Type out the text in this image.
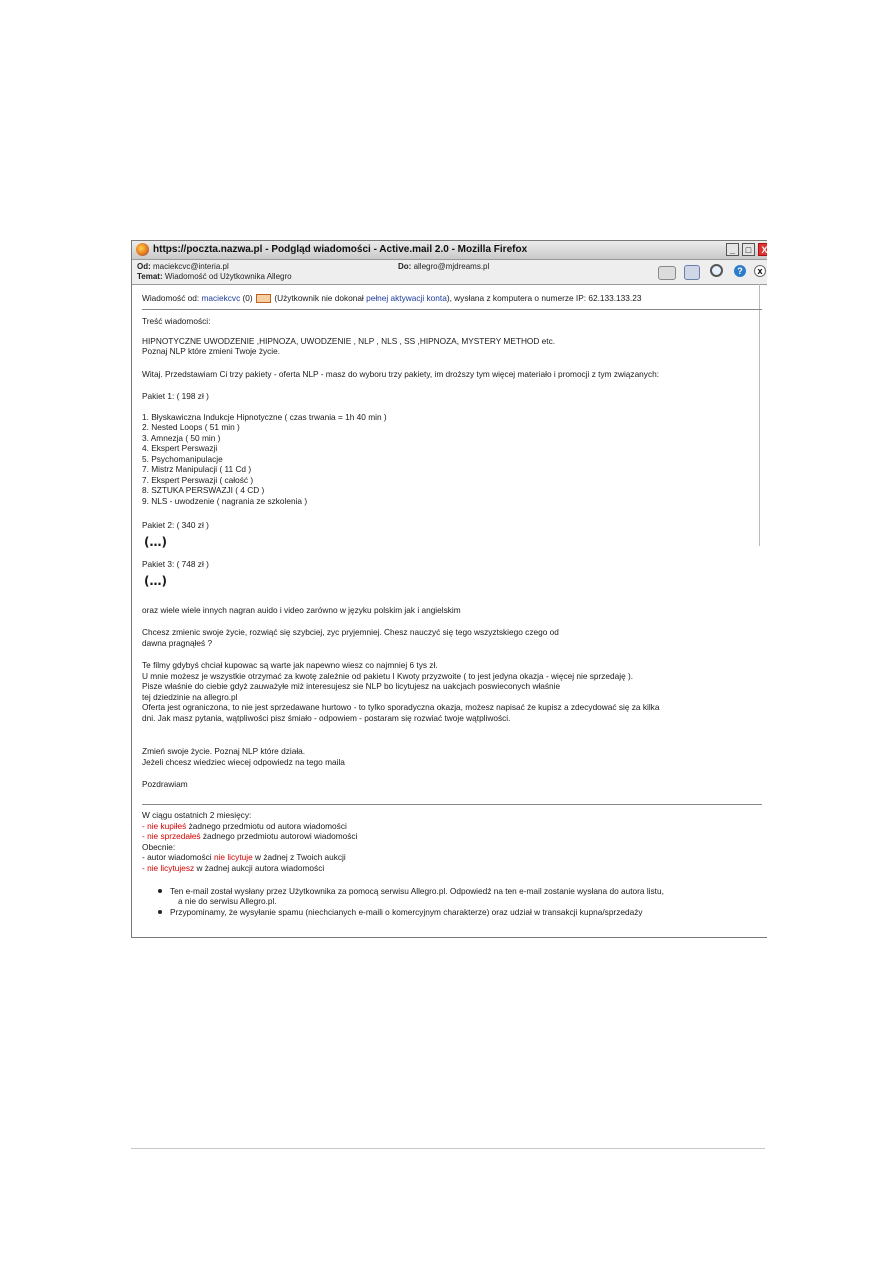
https://poczta.nazwa.pl - Podgląd wiadomości - Active.mail 2.0 - Mozilla Firefox	_	□	X
Od: maciekcvc@interia.pl	Do: allegro@mjdreams.pl
Temat: Wiadomość od Użytkownika Allegro
?	x
Wiadomość od: maciekcvc (0)	(Użytkownik nie dokonał pełnej aktywacji konta), wysłana z komputera o numerze IP: 62.133.133.23
Treść wiadomości:
HIPNOTYCZNE UWODZENIE ,HIPNOZA, UWODZENIE , NLP , NLS , SS ,HIPNOZA, MYSTERY METHOD etc.
Poznaj NLP które zmieni Twoje życie.
Witaj. Przedstawiam Ci trzy pakiety - oferta NLP - masz do wyboru trzy pakiety, im droższy tym więcej materiało i promocji z tym związanych:
Pakiet 1: ( 198 zł )
1. Błyskawiczna Indukcje Hipnotyczne ( czas trwania = 1h 40 min )
2. Nested Loops ( 51 min )
3. Amnezja ( 50 min )
4. Ekspert Perswazji
5. Psychomanipulacje
7. Mistrz Manipulacji ( 11 Cd )
7. Ekspert Perswazji ( całość )
8. SZTUKA PERSWAZJI ( 4 CD )
9. NLS - uwodzenie ( nagrania ze szkolenia )
Pakiet 2: ( 340 zł )
(…)
Pakiet 3: ( 748 zł )
(…)
oraz wiele wiele innych nagran auido i video zarówno w języku polskim jak i angielskim
Chcesz zmienic swoje życie, rozwiąć się szybciej, zyc pryjemniej. Chesz nauczyć się tego wszyztskiego czego od
dawna pragnąłeś ?
Te filmy gdybyś chciał kupowac są warte jak napewno wiesz co najmniej 6 tys zł.
U mnie możesz je wszystkie otrzymać za kwotę zależnie od pakietu I Kwoty przyzwoite ( to jest jedyna okazja - więcej nie sprzedaję ).
Pisze właśnie do ciebie gdyż zauważyłe miż interesujesz sie NLP bo licytujesz na uakcjach poswieconych właśnie
tej dziedzinie na allegro.pl
Oferta jest ograniczona, to nie jest sprzedawane hurtowo - to tylko sporadyczna okazja, możesz napisać że kupisz a zdecydować się za kilka
dni. Jak masz pytania, wątpliwości pisz śmiało - odpowiem - postaram się rozwiać twoje wątpliwości.
Zmień swoje życie. Poznaj NLP które działa.
Jeżeli chcesz wiedziec wiecej odpowiedz na tego maila
Pozdrawiam
W ciągu ostatnich 2 miesięcy:
- nie kupiłeś żadnego przedmiotu od autora wiadomości
- nie sprzedałeś żadnego przedmiotu autorowi wiadomości
Obecnie:
- autor wiadomości nie licytuje w żadnej z Twoich aukcji
- nie licytujesz w żadnej aukcji autora wiadomości
Ten e-mail został wysłany przez Użytkownika za pomocą serwisu Allegro.pl. Odpowiedź na ten e-mail zostanie wysłana do autora listu,
a nie do serwisu Allegro.pl.
Przypominamy, że wysyłanie spamu (niechcianych e-maili o komercyjnym charakterze) oraz udział w transakcji kupna/sprzedaży
